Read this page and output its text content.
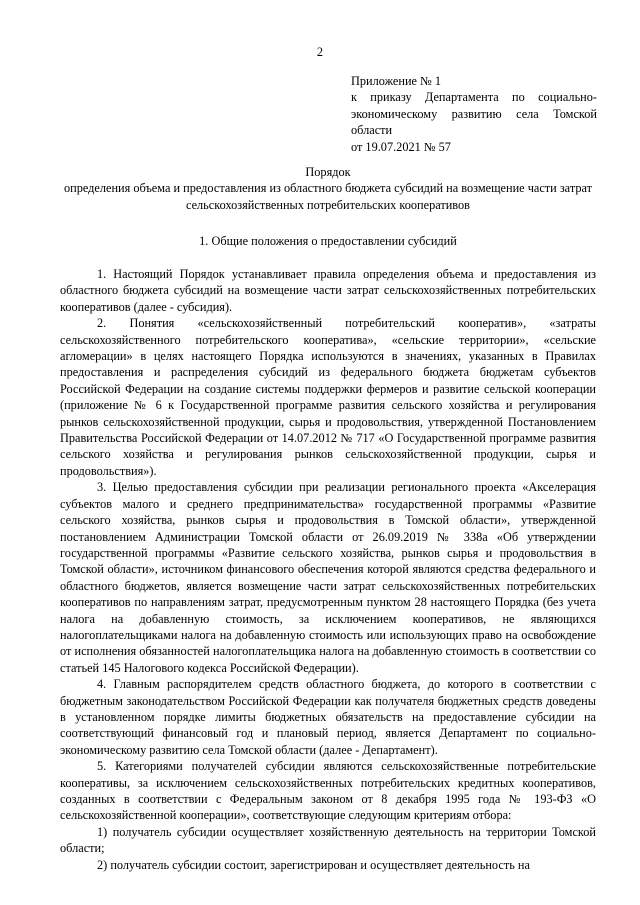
2
Приложение № 1
к приказу Департамента по социально-экономическому развитию села Томской области
от 19.07.2021 № 57
Порядок
определения объема и предоставления из областного бюджета субсидий на возмещение части затрат сельскохозяйственных потребительских кооперативов
1. Общие положения о предоставлении субсидий

1. Настоящий Порядок устанавливает правила определения объема и предоставления из областного бюджета субсидий на возмещение части затрат сельскохозяйственных потребительских кооперативов (далее - субсидия).

2. Понятия «сельскохозяйственный потребительский кооператив», «затраты сельскохозяйственного потребительского кооператива», «сельские территории», «сельские агломерации» в целях настоящего Порядка используются в значениях, указанных в Правилах предоставления и распределения субсидий из федерального бюджета бюджетам субъектов Российской Федерации на создание системы поддержки фермеров и развитие сельской кооперации (приложение № 6 к Государственной программе развития сельского хозяйства и регулирования рынков сельскохозяйственной продукции, сырья и продовольствия, утвержденной Постановлением Правительства Российской Федерации от 14.07.2012 № 717 «О Государственной программе развития сельского хозяйства и регулирования рынков сельскохозяйственной продукции, сырья и продовольствия»).

3. Целью предоставления субсидии при реализации регионального проекта «Акселерация субъектов малого и среднего предпринимательства» государственной программы «Развитие сельского хозяйства, рынков сырья и продовольствия в Томской области», утвержденной постановлением Администрации Томской области от 26.09.2019 № 338а «Об утверждении государственной программы «Развитие сельского хозяйства, рынков сырья и продовольствия в Томской области», источником финансового обеспечения которой являются средства федерального и областного бюджетов, является возмещение части затрат сельскохозяйственных потребительских кооперативов по направлениям затрат, предусмотренным пунктом 28 настоящего Порядка (без учета налога на добавленную стоимость, за исключением кооперативов, не являющихся налогоплательщиками налога на добавленную стоимость или использующих право на освобождение от исполнения обязанностей налогоплательщика налога на добавленную стоимость в соответствии со статьей 145 Налогового кодекса Российской Федерации).

4. Главным распорядителем средств областного бюджета, до которого в соответствии с бюджетным законодательством Российской Федерации как получателя бюджетных средств доведены в установленном порядке лимиты бюджетных обязательств на предоставление субсидии на соответствующий финансовый год и плановый период, является Департамент по социально-экономическому развитию села Томской области (далее - Департамент).

5. Категориями получателей субсидии являются сельскохозяйственные потребительские кооперативы, за исключением сельскохозяйственных потребительских кредитных кооперативов, созданных в соответствии с Федеральным законом от 8 декабря 1995 года № 193-ФЗ «О сельскохозяйственной кооперации», соответствующие следующим критериям отбора:

1) получатель субсидии осуществляет хозяйственную деятельность на территории Томской области;

2) получатель субсидии состоит, зарегистрирован и осуществляет деятельность на
